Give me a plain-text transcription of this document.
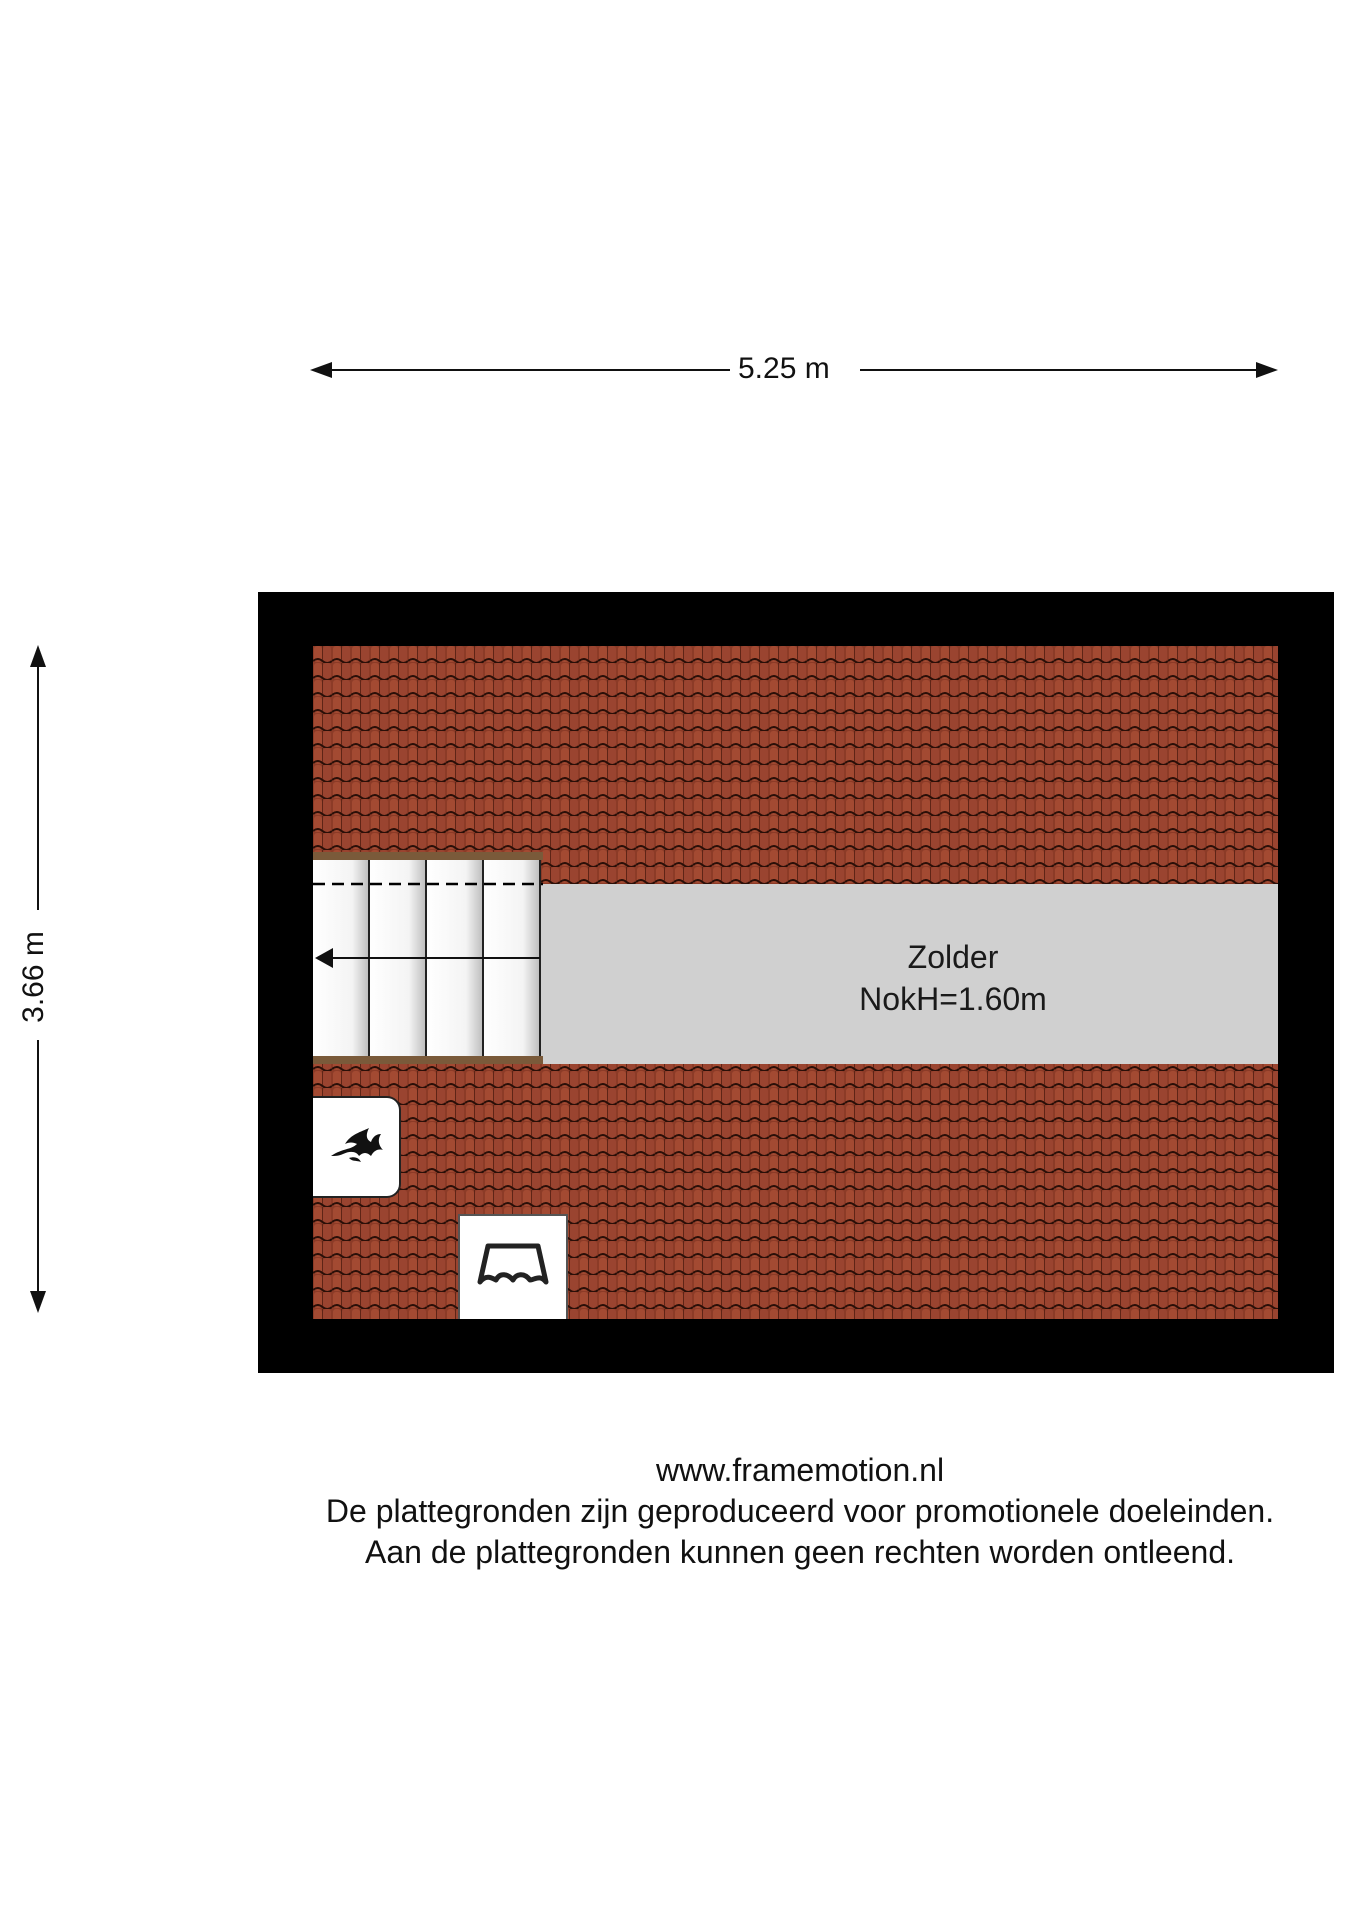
5.25 m
3.66 m	Zolder
NokH=1.60m
www.framemotion.nl
De plattegronden zijn geproduceerd voor promotionele doeleinden.
Aan de plattegronden kunnen geen rechten worden ontleend.
